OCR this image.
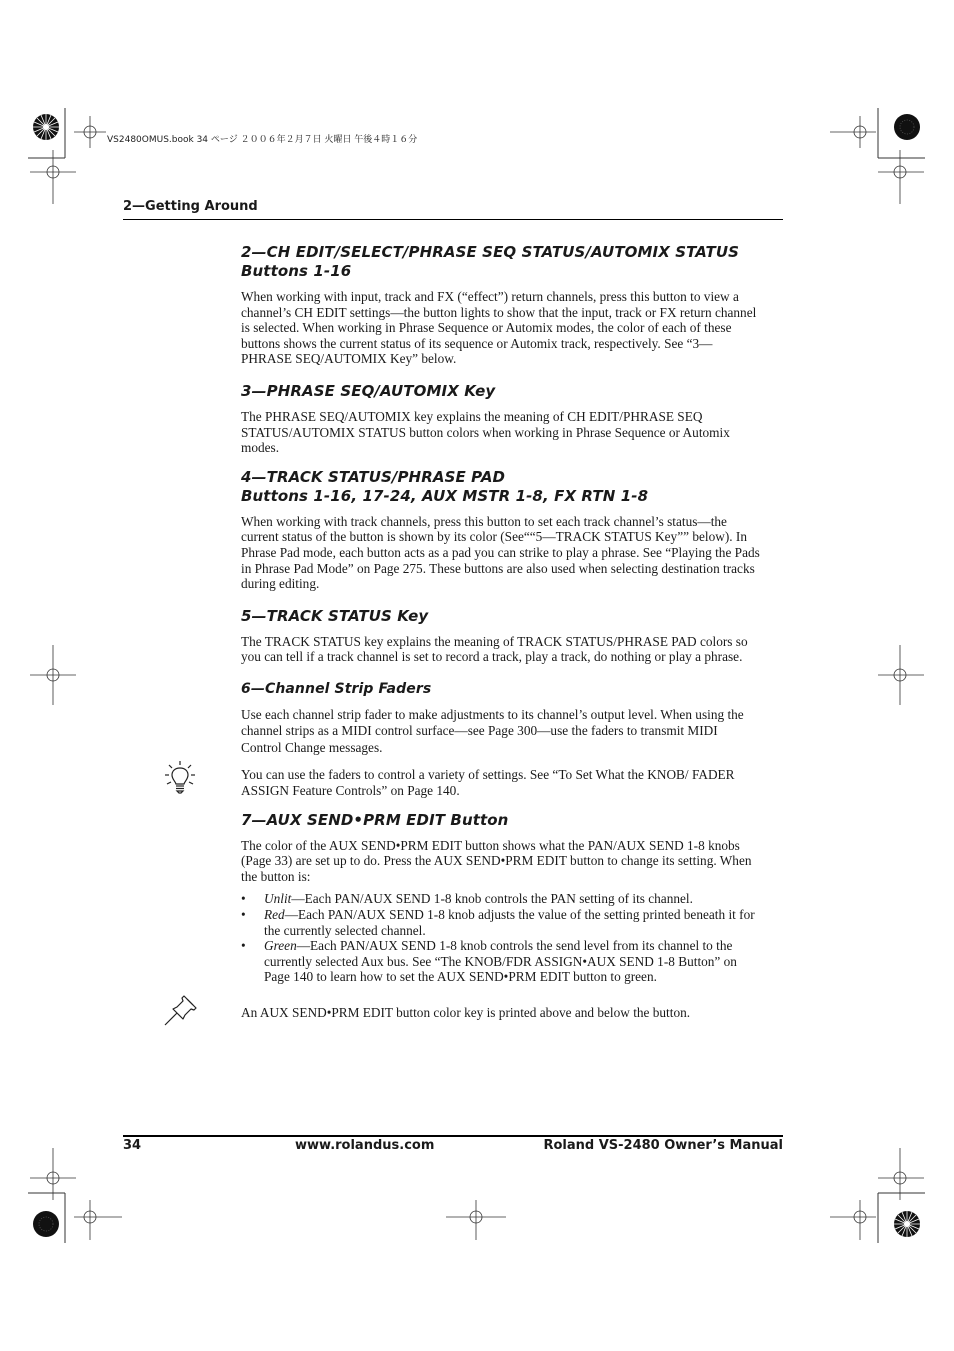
VS2480OMUS.book 34 ページ ２００６年２月７日 火曜日 午後４時１６分
2—Getting Around
2—CH EDIT/SELECT/PHRASE SEQ STATUS/AUTOMIX STATUS
Buttons 1-16

When working with input, track and FX (“effect”) return channels, press this button to view a channel’s CH EDIT settings—the button lights to show that the input, track or FX return channel is selected. When working in Phrase Sequence or Automix modes, the color of each of these buttons shows the current status of its sequence or Automix track, respectively. See “3—PHRASE SEQ/AUTOMIX Key” below.

3—PHRASE SEQ/AUTOMIX Key

The PHRASE SEQ/AUTOMIX key explains the meaning of CH EDIT/PHRASE SEQ STATUS/AUTOMIX STATUS button colors when working in Phrase Sequence or Automix modes.

4—TRACK STATUS/PHRASE PAD
Buttons 1-16, 17-24, AUX MSTR 1-8, FX RTN 1-8

When working with track channels, press this button to set each track channel’s status—the current status of the button is shown by its color (See““5—TRACK STATUS Key”” below). In Phrase Pad mode, each button acts as a pad you can strike to play a phrase. See “Playing the Pads in Phrase Pad Mode” on Page 275. These buttons are also used when selecting destination tracks during editing.

5—TRACK STATUS Key

The TRACK STATUS key explains the meaning of TRACK STATUS/PHRASE PAD colors so you can tell if a track channel is set to record a track, play a track, do nothing or play a phrase.

6—Channel Strip Faders

Use each channel strip fader to make adjustments to its channel’s output level. When using the channel strips as a MIDI control surface—see Page 300—use the faders to transmit MIDI Control Change messages.

You can use the faders to control a variety of settings. See “To Set What the KNOB/ FADER ASSIGN Feature Controls” on Page 140.

7—AUX SEND•PRM EDIT Button

The color of the AUX SEND•PRM EDIT button shows what the PAN/AUX SEND 1-8 knobs (Page 33) are set up to do. Press the AUX SEND•PRM EDIT button to change its setting. When the button is:

• Unlit—Each PAN/AUX SEND 1-8 knob controls the PAN setting of its channel.
• Red—Each PAN/AUX SEND 1-8 knob adjusts the value of the setting printed beneath it for the currently selected channel.
• Green—Each PAN/AUX SEND 1-8 knob controls the send level from its channel to the currently selected Aux bus. See “The KNOB/FDR ASSIGN•AUX SEND 1-8 Button” on Page 140 to learn how to set the AUX SEND•PRM EDIT button to green.

An AUX SEND•PRM EDIT button color key is printed above and below the button.

34	www.rolandus.com	Roland VS-2480 Owner’s Manual
